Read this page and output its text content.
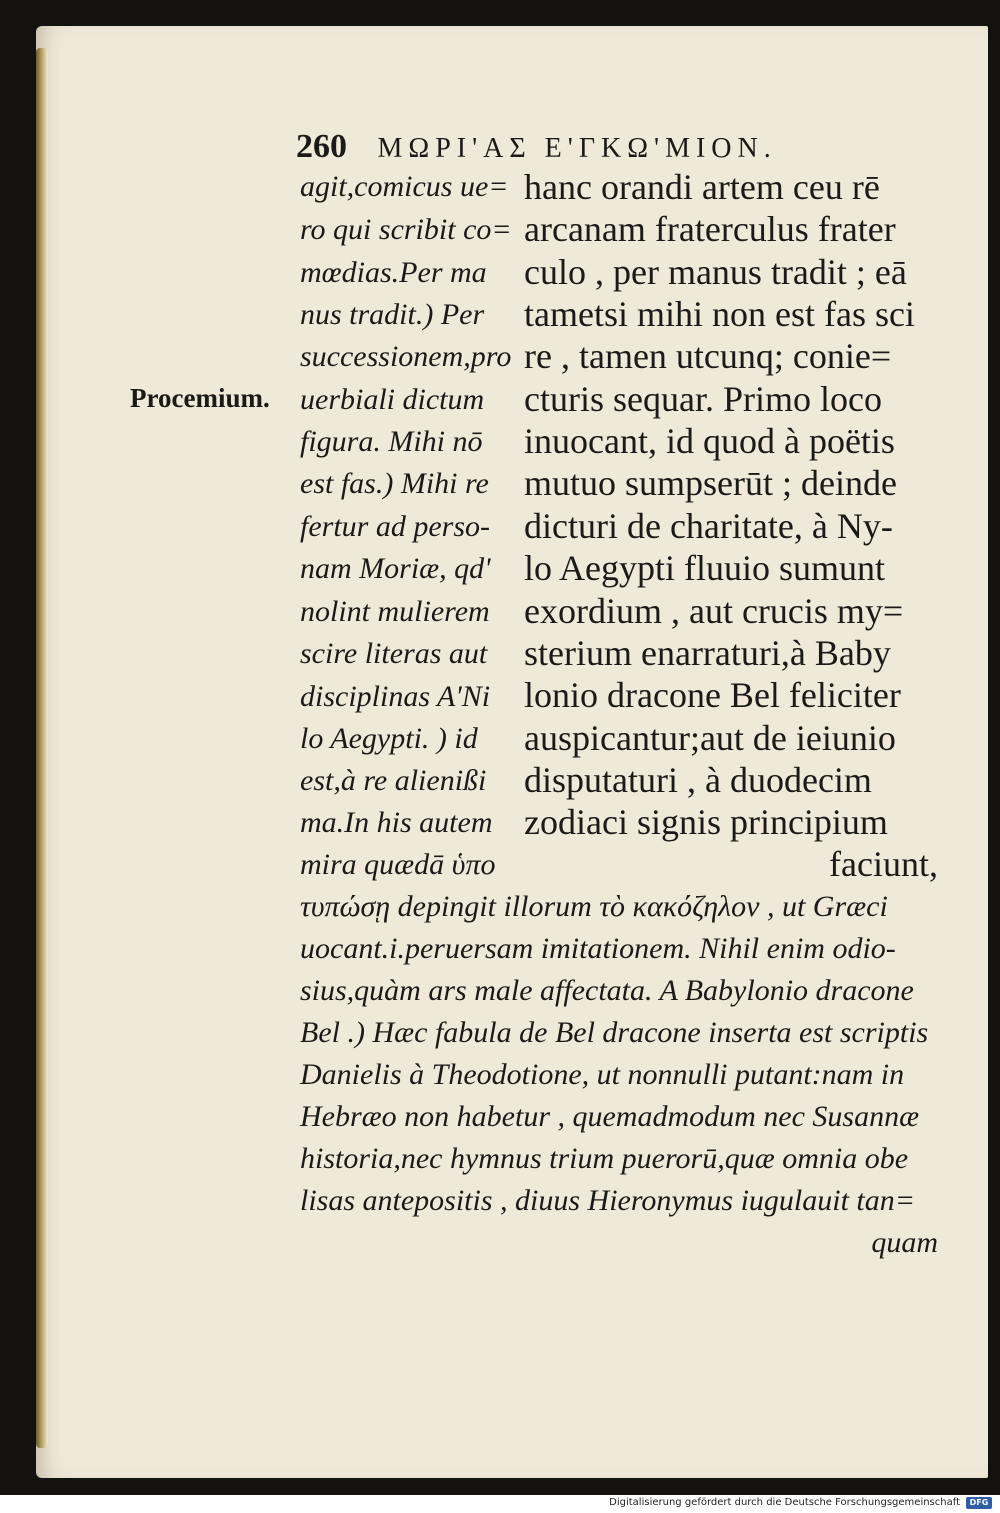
260 ΜΩΡΙ'ΑΣ Ε'ΓΚΩ'ΜΙΟΝ.
Procemium.
agit,comicus ue=
ro qui scribit co=
mœdias.Per ma
nus tradit.) Per
successionem,pro
uerbiali dictum
figura. Mihi nō
est fas.) Mihi re
fertur ad perso-
nam Moriæ, qd'
nolint mulierem
scire literas aut
disciplinas A'Ni
lo Aegypti. ) id
est,à re alienißi
ma.In his autem
mira quædā ὑπο
hanc orandi artem ceu rē
arcanam fraterculus frater
culo , per manus tradit ; eā
tametsi mihi non est fas sci
re , tamen utcunq; conie=
cturis sequar. Primo loco
inuocant, id quod à poëtis
mutuo sumpserūt ; deinde
dicturi de charitate, à Ny-
lo Aegypti fluuio sumunt
exordium , aut crucis my=
sterium enarraturi,à Baby
lonio dracone Bel feliciter
auspicantur;aut de ieiunio
disputaturi , à duodecim
zodiaci signis principium
faciunt,
τυπώσῃ depingit illorum τὸ κακόζηλον , ut Græci
uocant.i.peruersam imitationem. Nihil enim odio-
sius,quàm ars male affectata. A Babylonio dracone
Bel .) Hæc fabula de Bel dracone inserta est scriptis
Danielis à Theodotione, ut nonnulli putant:nam in
Hebræo non habetur , quemadmodum nec Susannæ
historia,nec hymnus trium puerorū,quæ omnia obe
lisas antepositis , diuus Hieronymus iugulauit tan=
quam
Digitalisierung gefördert durch die Deutsche Forschungsgemeinschaft	DFG
